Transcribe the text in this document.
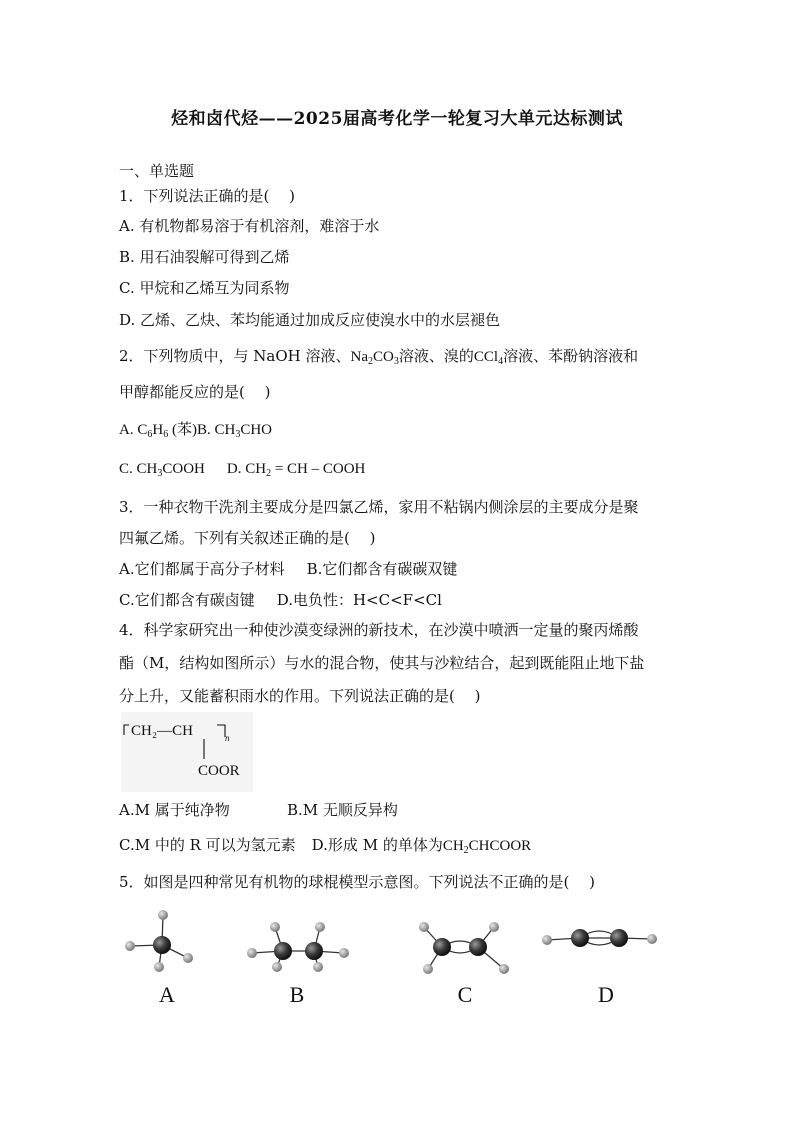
烃和卤代烃——2025届高考化学一轮复习大单元达标测试
一、单选题
1．下列说法正确的是(　 )
A. 有机物都易溶于有机溶剂，难溶于水
B. 用石油裂解可得到乙烯
C. 甲烷和乙烯互为同系物
D. 乙烯、乙炔、苯均能通过加成反应使溴水中的水层褪色
2．下列物质中，与 NaOH 溶液、$Na_2CO_3$溶液、溴的CCl$_4$溶液、苯酚钠溶液和
甲醇都能反应的是(　 )
A. $C_6H_6$ (苯)B. $CH_3CHO$
C. $CH_3COOH$ D. $CH_2$ = CH – COOH
3．一种衣物干洗剂主要成分是四氯乙烯，家用不粘锅内侧涂层的主要成分是聚
四氟乙烯。下列有关叙述正确的是(　 )
A.它们都属于高分子材料 B.它们都含有碳碳双键
C.它们都含有碳卤键 D.电负性：H<C<F<Cl
4．科学家研究出一种使沙漠变绿洲的新技术，在沙漠中喷洒一定量的聚丙烯酸
酯（M，结构如图所示）与水的混合物，使其与沙粒结合，起到既能阻止地下盐
分上升，又能蓄积雨水的作用。下列说法正确的是(　 )
CH₂—CH	n
COOR
A.M 属于纯净物	B.M 无顺反异构
C.M 中的 R 可以为氢元素 D.形成 M 的单体为$CH_2CHCOOR$
5．如图是四种常见有机物的球棍模型示意图。下列说法不正确的是(　 )
A	B	C	D
